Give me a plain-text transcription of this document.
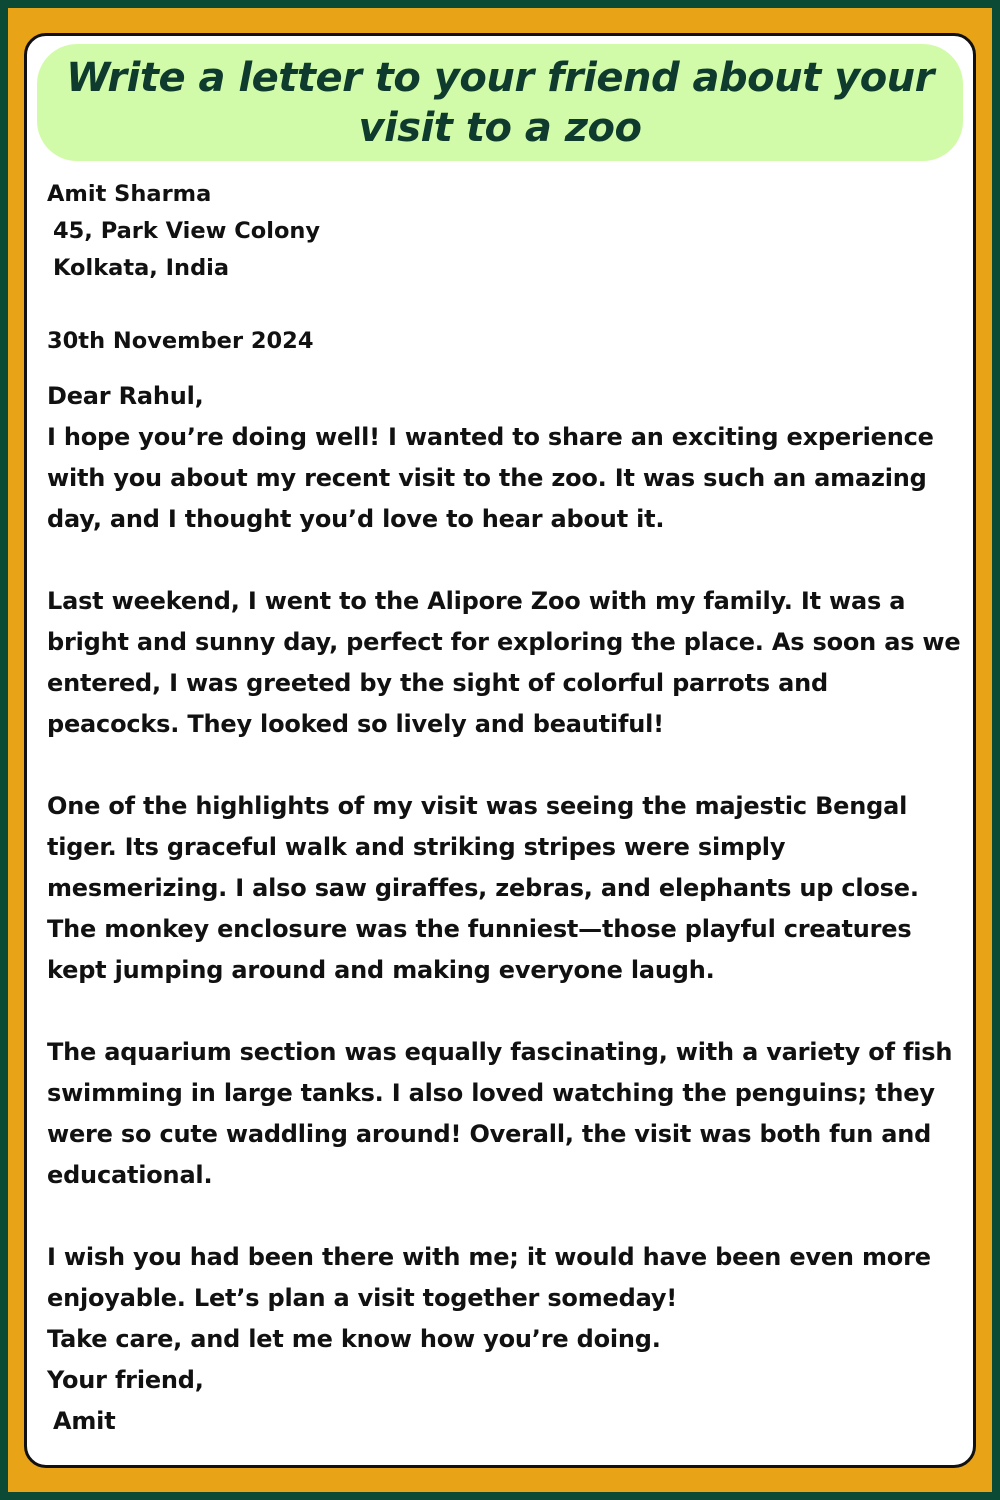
Write a letter to your friend about your visit to a zoo
Amit Sharma
45, Park View Colony
Kolkata, India
30th November 2024

Dear Rahul,

I hope you’re doing well! I wanted to share an exciting experience with you about my recent visit to the zoo. It was such an amazing day, and I thought you’d love to hear about it.

Last weekend, I went to the Alipore Zoo with my family. It was a bright and sunny day, perfect for exploring the place. As soon as we entered, I was greeted by the sight of colorful parrots and peacocks. They looked so lively and beautiful!

One of the highlights of my visit was seeing the majestic Bengal tiger. Its graceful walk and striking stripes were simply mesmerizing. I also saw giraffes, zebras, and elephants up close. The monkey enclosure was the funniest—those playful creatures kept jumping around and making everyone laugh.

The aquarium section was equally fascinating, with a variety of fish swimming in large tanks. I also loved watching the penguins; they were so cute waddling around! Overall, the visit was both fun and educational.

I wish you had been there with me; it would have been even more enjoyable. Let’s plan a visit together someday!

Take care, and let me know how you’re doing.

Your friend,

Amit
